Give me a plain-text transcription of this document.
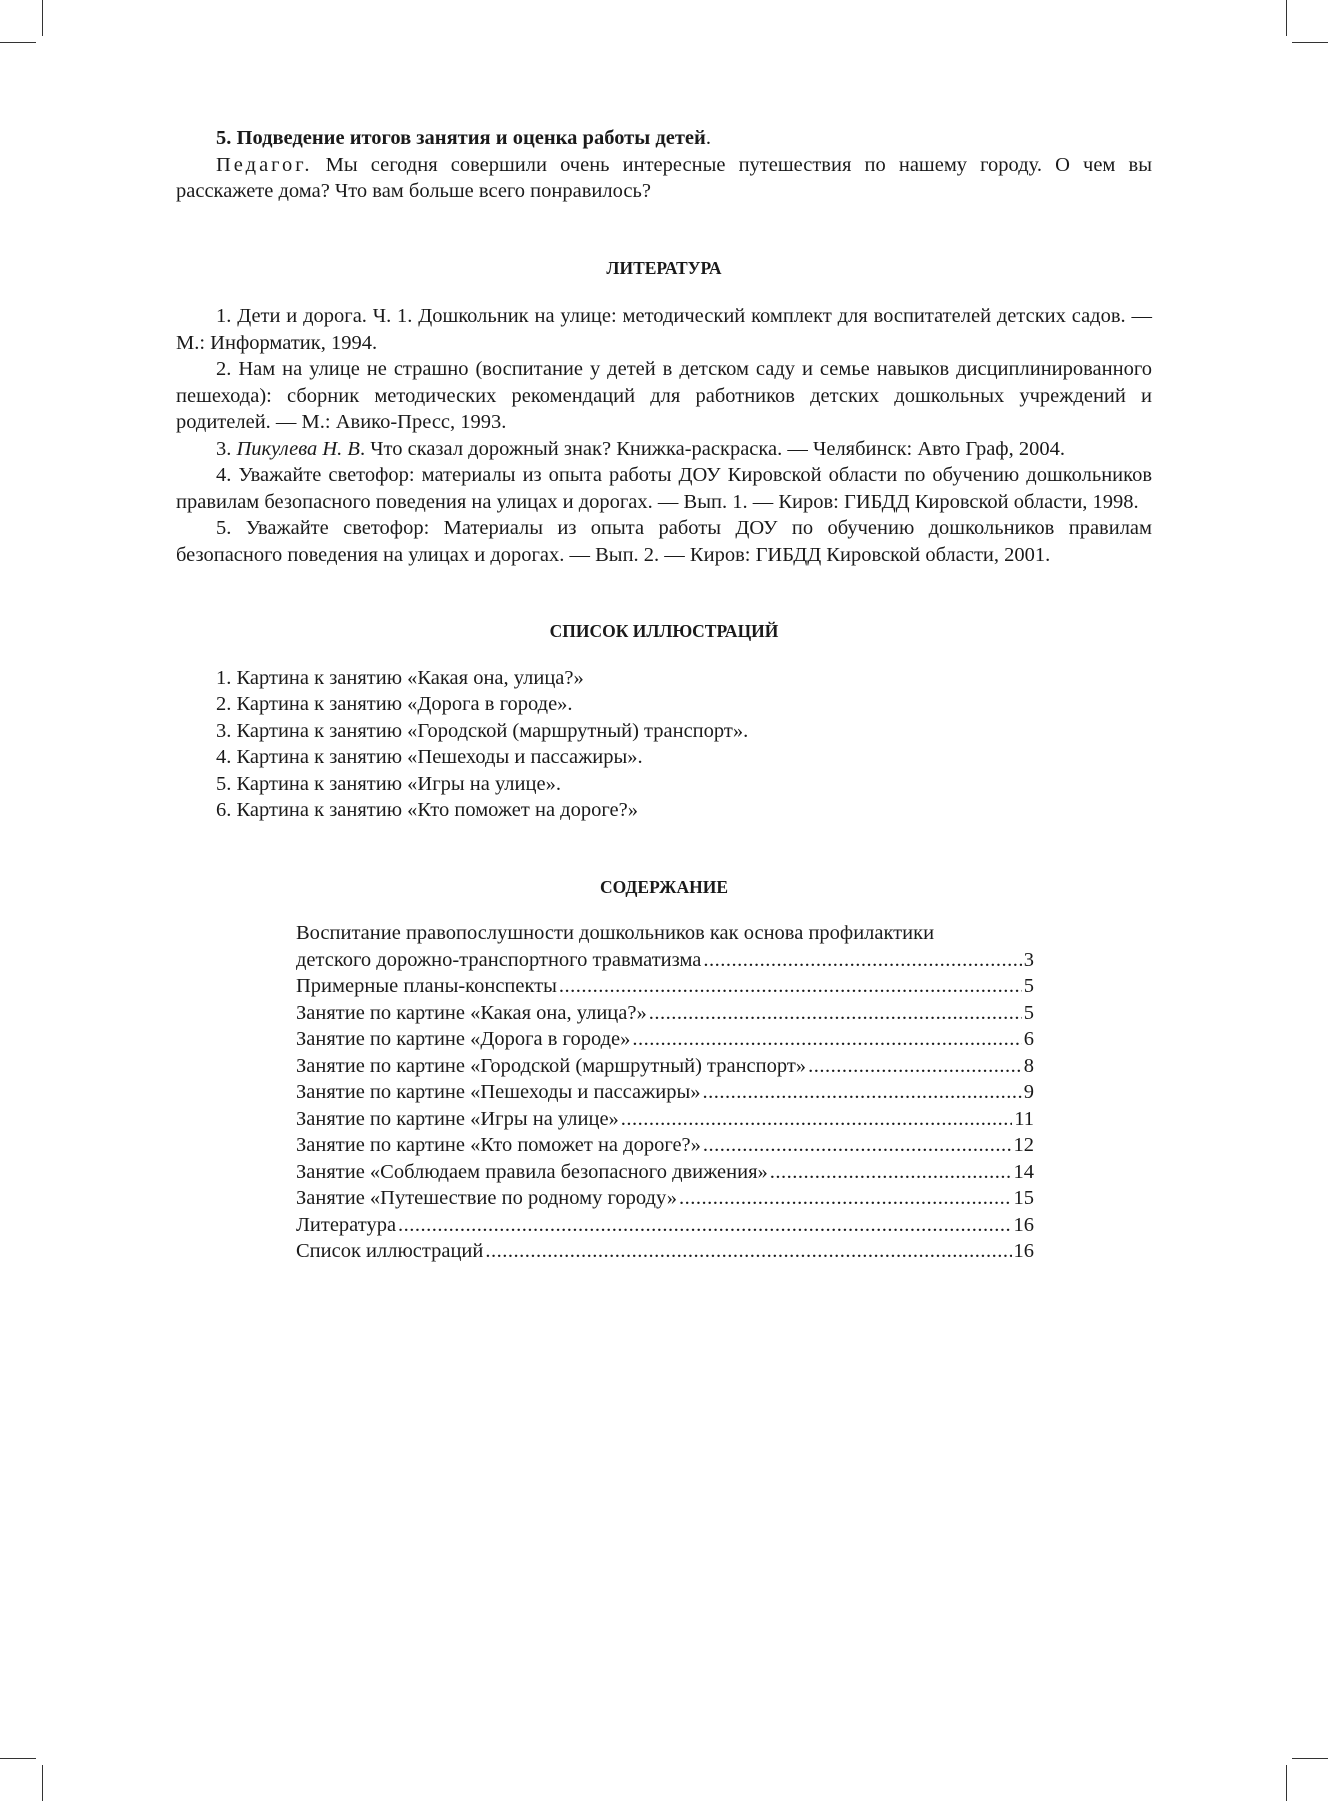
5. Подведение итогов занятия и оценка работы детей.

Педагог. Мы сегодня совершили очень интересные путешествия по нашему городу. О чем вы расскажете дома? Что вам больше всего понравилось?

ЛИТЕРАТУРА

1. Дети и дорога. Ч. 1. Дошкольник на улице: методический комплект для воспитателей детских садов. — М.: Информатик, 1994.

2. Нам на улице не страшно (воспитание у детей в детском саду и семье навыков дисциплинированного пешехода): сборник методических рекомендаций для работников детских дошкольных учреждений и родителей. — М.: Авико-Пресс, 1993.

3. Пикулева Н. В. Что сказал дорожный знак? Книжка-раскраска. — Челябинск: Авто Граф, 2004.

4. Уважайте светофор: материалы из опыта работы ДОУ Кировской области по обучению дошкольников правилам безопасного поведения на улицах и дорогах. — Вып. 1. — Киров: ГИБДД Кировской области, 1998.

5. Уважайте светофор: Материалы из опыта работы ДОУ по обучению дошкольников правилам безопасного поведения на улицах и дорогах. — Вып. 2. — Киров: ГИБДД Кировской области, 2001.

СПИСОК ИЛЛЮСТРАЦИЙ

1. Картина к занятию «Какая она, улица?»

2. Картина к занятию «Дорога в городе».

3. Картина к занятию «Городской (маршрутный) транспорт».

4. Картина к занятию «Пешеходы и пассажиры».

5. Картина к занятию «Игры на улице».

6. Картина к занятию «Кто поможет на дороге?»

СОДЕРЖАНИЕ
Воспитание правопослушности дошкольников как основа профилактики
детского дорожно-транспортного травматизма .....	3
Примерные планы-конспекты .....	5
Занятие по картине «Какая она, улица?» .....	5
Занятие по картине «Дорога в городе» .....	6
Занятие по картине «Городской (маршрутный) транспорт» .....	8
Занятие по картине «Пешеходы и пассажиры» .....	9
Занятие по картине «Игры на улице» .....	11
Занятие по картине «Кто поможет на дороге?» .....	12
Занятие «Соблюдаем правила безопасного движения» .....	14
Занятие «Путешествие по родному городу» .....	15
Литература .....	16
Список иллюстраций .....	16
